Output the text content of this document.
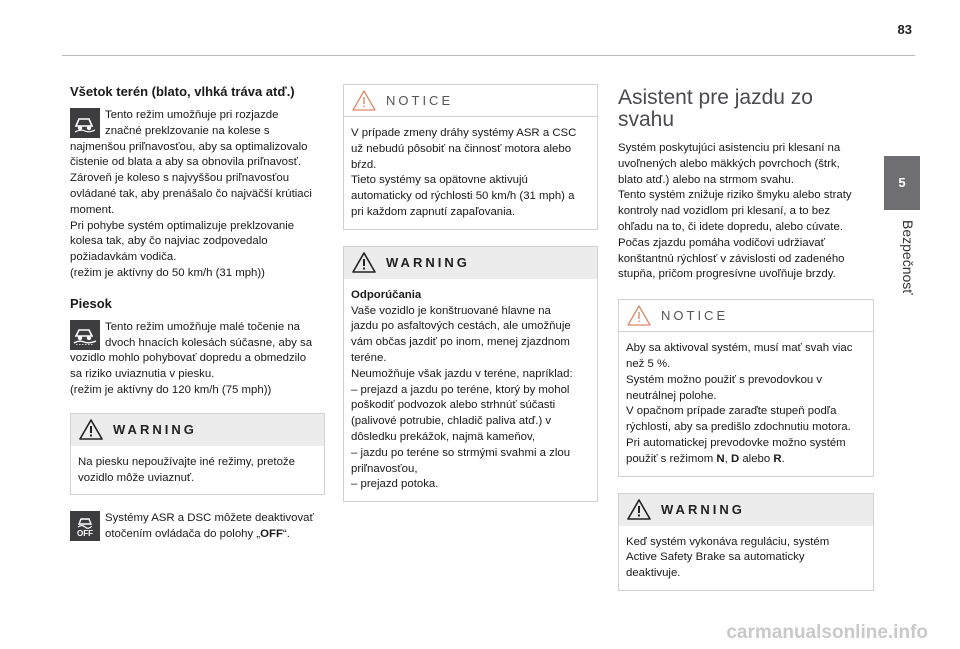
83
5
Bezpečnosť
Všetok terén (blato, vlhká tráva atď.)

Tento režim umožňuje pri rozjazde

značné preklzovanie na kolese s

najmenšou priľnavosťou, aby sa optimalizovalo

čistenie od blata a aby sa obnovila priľnavosť.

Zároveň je koleso s najvyššou priľnavosťou

ovládané tak, aby prenášalo čo najväčší krútiaci

moment.

Pri pohybe systém optimalizuje preklzovanie

kolesa tak, aby čo najviac zodpovedalo

požiadavkám vodiča.

(režim je aktívny do 50 km/h (31 mph))

Piesok

Tento režim umožňuje malé točenie na

dvoch hnacích kolesách súčasne, aby sa

vozidlo mohlo pohybovať dopredu a obmedzilo

sa riziko uviaznutia v piesku.

(režim je aktívny do 120 km/h (75 mph))

WARNING

Na piesku nepoužívajte iné režimy, pretože

vozidlo môže uviaznuť.

OFF

Systémy ASR a DSC môžete deaktivovať

otočením ovládača do polohy „OFF“.

NOTICE

V prípade zmeny dráhy systémy ASR a CSC

už nebudú pôsobiť na činnosť motora alebo

bŕzd.

Tieto systémy sa opätovne aktivujú

automaticky od rýchlosti 50 km/h (31 mph) a

pri každom zapnutí zapaľovania.

WARNING

Odporúčania

Vaše vozidlo je konštruované hlavne na

jazdu po asfaltových cestách, ale umožňuje

vám občas jazdiť po inom, menej zjazdnom

teréne.

Neumožňuje však jazdu v teréne, napríklad:

– prejazd a jazdu po teréne, ktorý by mohol

poškodiť podvozok alebo strhnúť súčasti

(palivové potrubie, chladič paliva atď.) v

dôsledku prekážok, najmä kameňov,

– jazdu po teréne so strmými svahmi a zlou

priľnavosťou,

– prejazd potoka.

Asistent pre jazdu zo
svahu

Systém poskytujúci asistenciu pri klesaní na

uvoľnených alebo mäkkých povrchoch (štrk,

blato atď.) alebo na strmom svahu.

Tento systém znižuje riziko šmyku alebo straty

kontroly nad vozidlom pri klesaní, a to bez

ohľadu na to, či idete dopredu, alebo cúvate.

Počas zjazdu pomáha vodičovi udržiavať

konštantnú rýchlosť v závislosti od zadeného

stupňa, pričom progresívne uvoľňuje brzdy.

NOTICE

Aby sa aktivoval systém, musí mať svah viac

než 5 %.

Systém možno použiť s prevodovkou v

neutrálnej polohe.

V opačnom prípade zaraďte stupeň podľa

rýchlosti, aby sa predišlo zdochnutiu motora.

Pri automatickej prevodovke možno systém

použiť s režimom N, D alebo R.

WARNING

Keď systém vykonáva reguláciu, systém

Active Safety Brake sa automaticky

deaktivuje.

carmanualsonline.info
